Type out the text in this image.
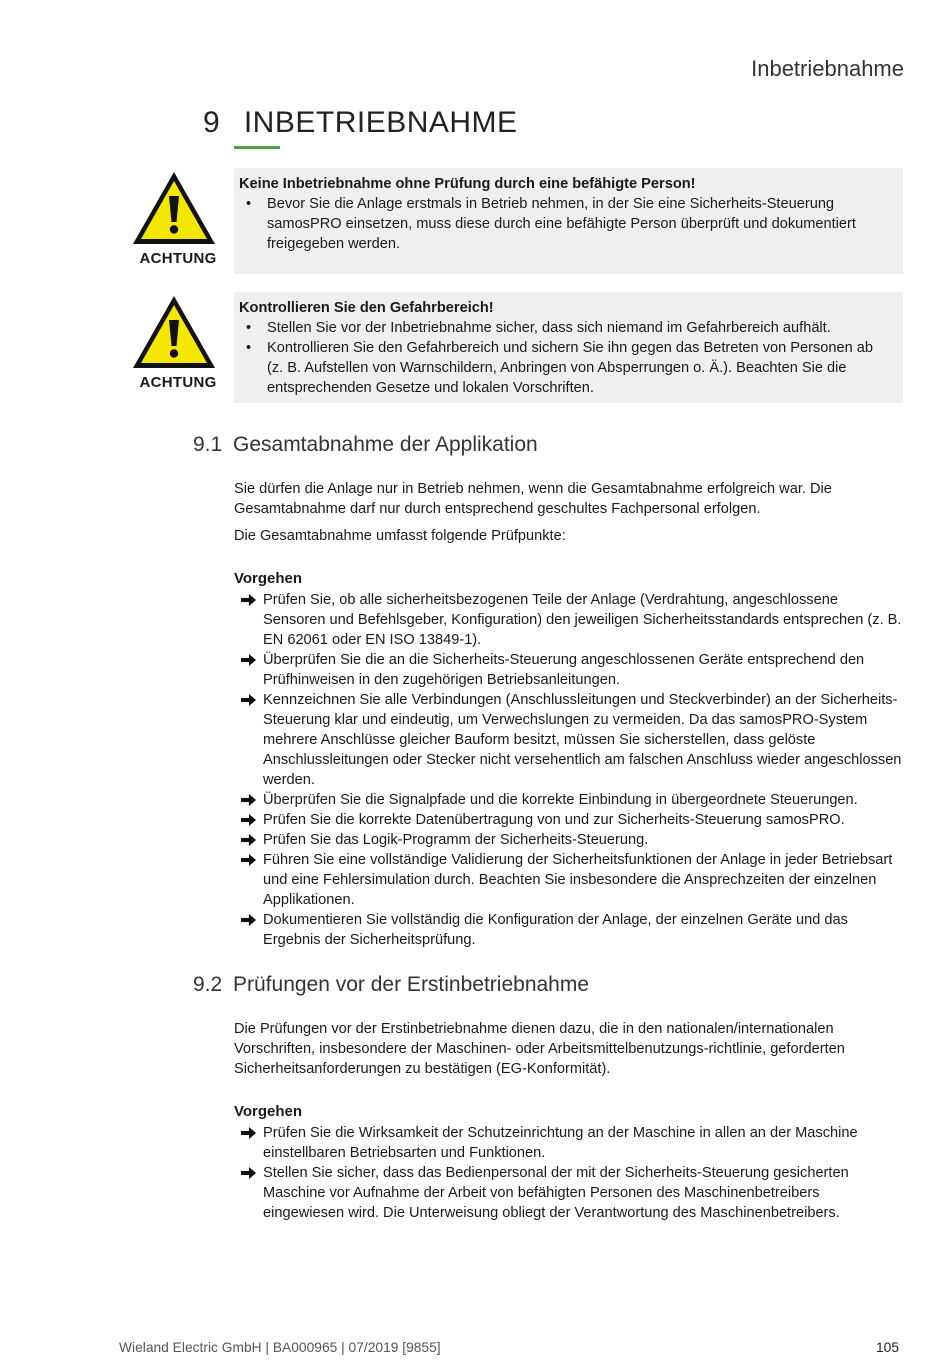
Inbetriebnahme
9 INBETRIEBNAHME
ACHTUNG
Keine Inbetriebnahme ohne Prüfung durch eine befähigte Person!
• Bevor Sie die Anlage erstmals in Betrieb nehmen, in der Sie eine Sicherheits-Steuerung samosPRO einsetzen, muss diese durch eine befähigte Person überprüft und dokumentiert freigegeben werden.
ACHTUNG
Kontrollieren Sie den Gefahrbereich!
• Stellen Sie vor der Inbetriebnahme sicher, dass sich niemand im Gefahrbereich aufhält.
• Kontrollieren Sie den Gefahrbereich und sichern Sie ihn gegen das Betreten von Personen ab (z. B. Aufstellen von Warnschildern, Anbringen von Absperrungen o. Ä.). Beachten Sie die entsprechenden Gesetze und lokalen Vorschriften.
9.1 Gesamtabnahme der Applikation

Sie dürfen die Anlage nur in Betrieb nehmen, wenn die Gesamtabnahme erfolgreich war. Die Gesamtabnahme darf nur durch entsprechend geschultes Fachpersonal erfolgen.

Die Gesamtabnahme umfasst folgende Prüfpunkte:

Vorgehen
Prüfen Sie, ob alle sicherheitsbezogenen Teile der Anlage (Verdrahtung, angeschlossene Sensoren und Befehlsgeber, Konfiguration) den jeweiligen Sicherheitsstandards entsprechen (z. B. EN 62061 oder EN ISO 13849-1).
Überprüfen Sie die an die Sicherheits-Steuerung angeschlossenen Geräte entsprechend den Prüfhinweisen in den zugehörigen Betriebsanleitungen.
Kennzeichnen Sie alle Verbindungen (Anschlussleitungen und Steckverbinder) an der Sicherheits-Steuerung klar und eindeutig, um Verwechslungen zu vermeiden. Da das samosPRO-System mehrere Anschlüsse gleicher Bauform besitzt, müssen Sie sicherstellen, dass gelöste Anschlussleitungen oder Stecker nicht versehentlich am falschen Anschluss wieder angeschlossen werden.
Überprüfen Sie die Signalpfade und die korrekte Einbindung in übergeordnete Steuerungen.
Prüfen Sie die korrekte Datenübertragung von und zur Sicherheits-Steuerung samosPRO.
Prüfen Sie das Logik-Programm der Sicherheits-Steuerung.
Führen Sie eine vollständige Validierung der Sicherheitsfunktionen der Anlage in jeder Betriebsart und eine Fehlersimulation durch. Beachten Sie insbesondere die Ansprechzeiten der einzelnen Applikationen.
Dokumentieren Sie vollständig die Konfiguration der Anlage, der einzelnen Geräte und das Ergebnis der Sicherheitsprüfung.
9.2 Prüfungen vor der Erstinbetriebnahme

Die Prüfungen vor der Erstinbetriebnahme dienen dazu, die in den nationalen/internationalen Vorschriften, insbesondere der Maschinen- oder Arbeitsmittelbenutzungs-richtlinie, geforderten Sicherheitsanforderungen zu bestätigen (EG-Konformität).

Vorgehen
Prüfen Sie die Wirksamkeit der Schutzeinrichtung an der Maschine in allen an der Maschine einstellbaren Betriebsarten und Funktionen.
Stellen Sie sicher, dass das Bedienpersonal der mit der Sicherheits-Steuerung gesicherten Maschine vor Aufnahme der Arbeit von befähigten Personen des Maschinenbetreibers eingewiesen wird. Die Unterweisung obliegt der Verantwortung des Maschinenbetreibers.
Wieland Electric GmbH | BA000965 | 07/2019 [9855]	105
